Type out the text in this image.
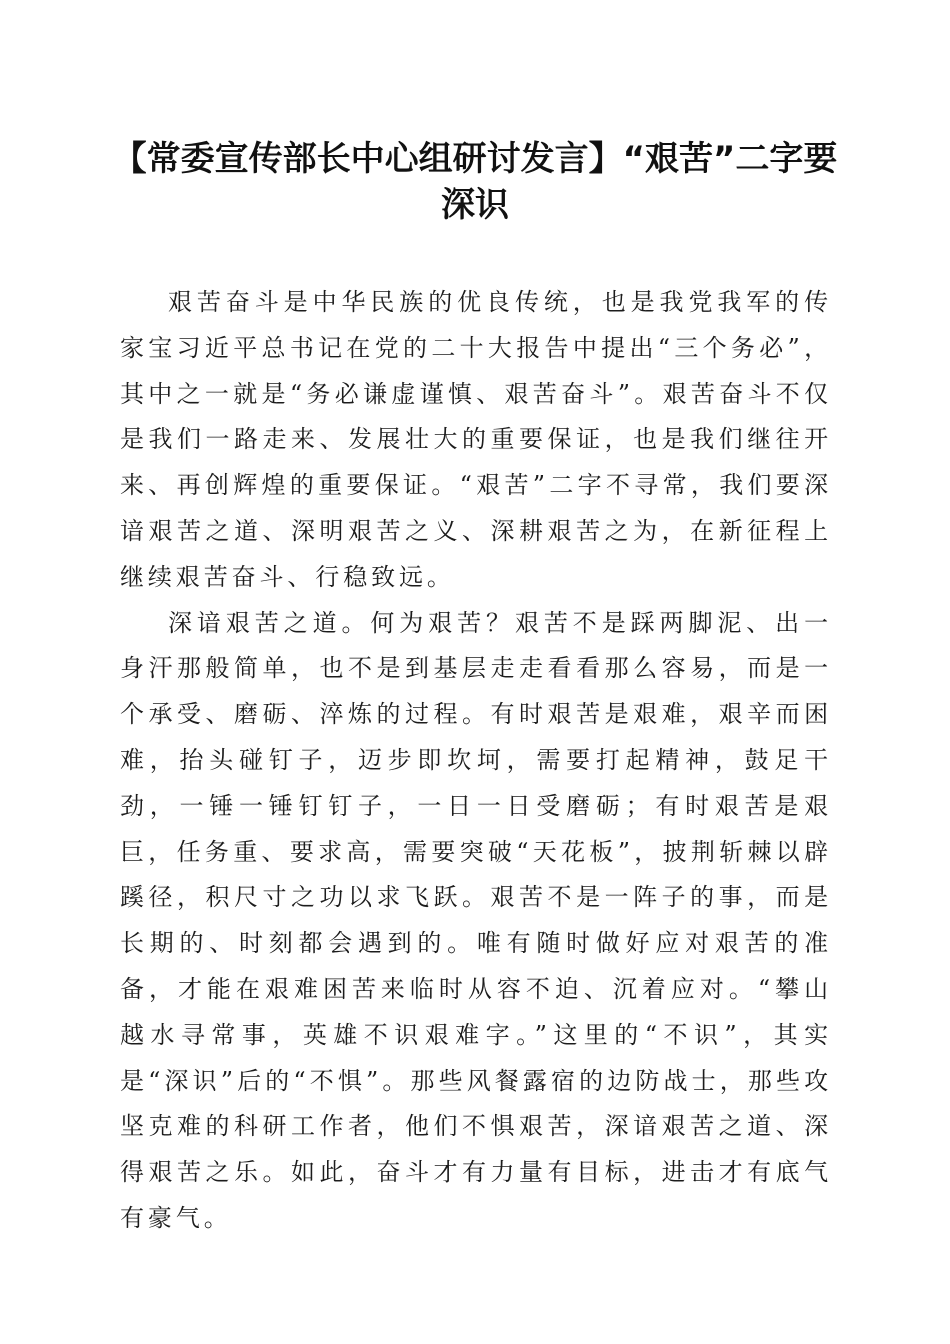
【常委宣传部长中心组研讨发言】“艰苦”二字要深识

艰苦奋斗是中华民族的优良传统，也是我党我军的传家宝习近平总书记在党的二十大报告中提出“三个务必”，其中之一就是“务必谦虚谨慎、艰苦奋斗”。艰苦奋斗不仅是我们一路走来、发展壮大的重要保证，也是我们继往开来、再创辉煌的重要保证。“艰苦”二字不寻常，我们要深谙艰苦之道、深明艰苦之义、深耕艰苦之为，在新征程上继续艰苦奋斗、行稳致远。

深谙艰苦之道。何为艰苦？艰苦不是踩两脚泥、出一身汗那般简单，也不是到基层走走看看那么容易，而是一个承受、磨砺、淬炼的过程。有时艰苦是艰难，艰辛而困难，抬头碰钉子，迈步即坎坷，需要打起精神，鼓足干劲，一锤一锤钉钉子，一日一日受磨砺；有时艰苦是艰巨，任务重、要求高，需要突破“天花板”，披荆斩棘以辟蹊径，积尺寸之功以求飞跃。艰苦不是一阵子的事，而是长期的、时刻都会遇到的。唯有随时做好应对艰苦的准备，才能在艰难困苦来临时从容不迫、沉着应对。“攀山越水寻常事，英雄不识艰难字。”这里的“不识”，其实是“深识”后的“不惧”。那些风餐露宿的边防战士，那些攻坚克难的科研工作者，他们不惧艰苦，深谙艰苦之道、深得艰苦之乐。如此，奋斗才有力量有目标，进击才有底气有豪气。
